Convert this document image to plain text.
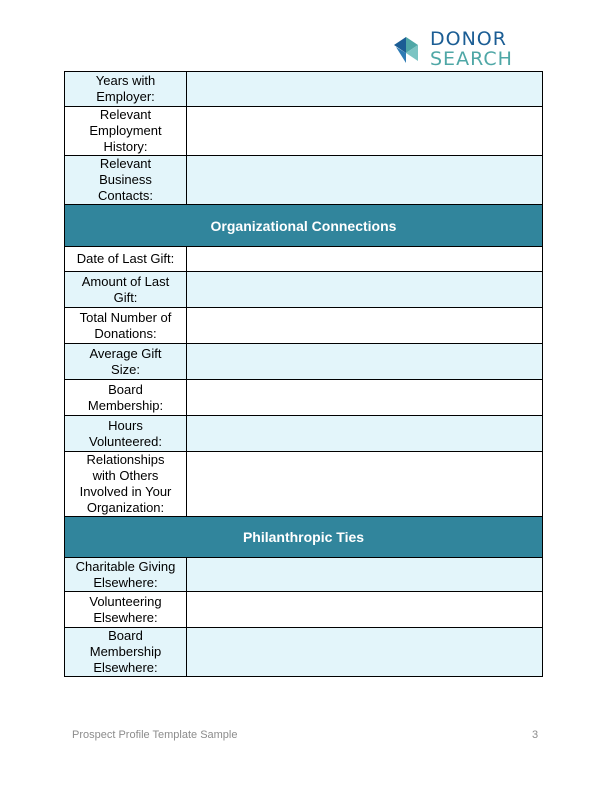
DONOR
SEARCH
Years with
Employer:	
Relevant
Employment
History:	
Relevant
Business
Contacts:	
Organizational Connections	
Date of Last Gift:	
Amount of Last
Gift:	
Total Number of
Donations:	
Average Gift
Size:	
Board
Membership:	
Hours
Volunteered:	
Relationships
with Others
Involved in Your
Organization:	
Philanthropic Ties	
Charitable Giving
Elsewhere:	
Volunteering
Elsewhere:	
Board
Membership
Elsewhere:	
Prospect Profile Template Sample	3
